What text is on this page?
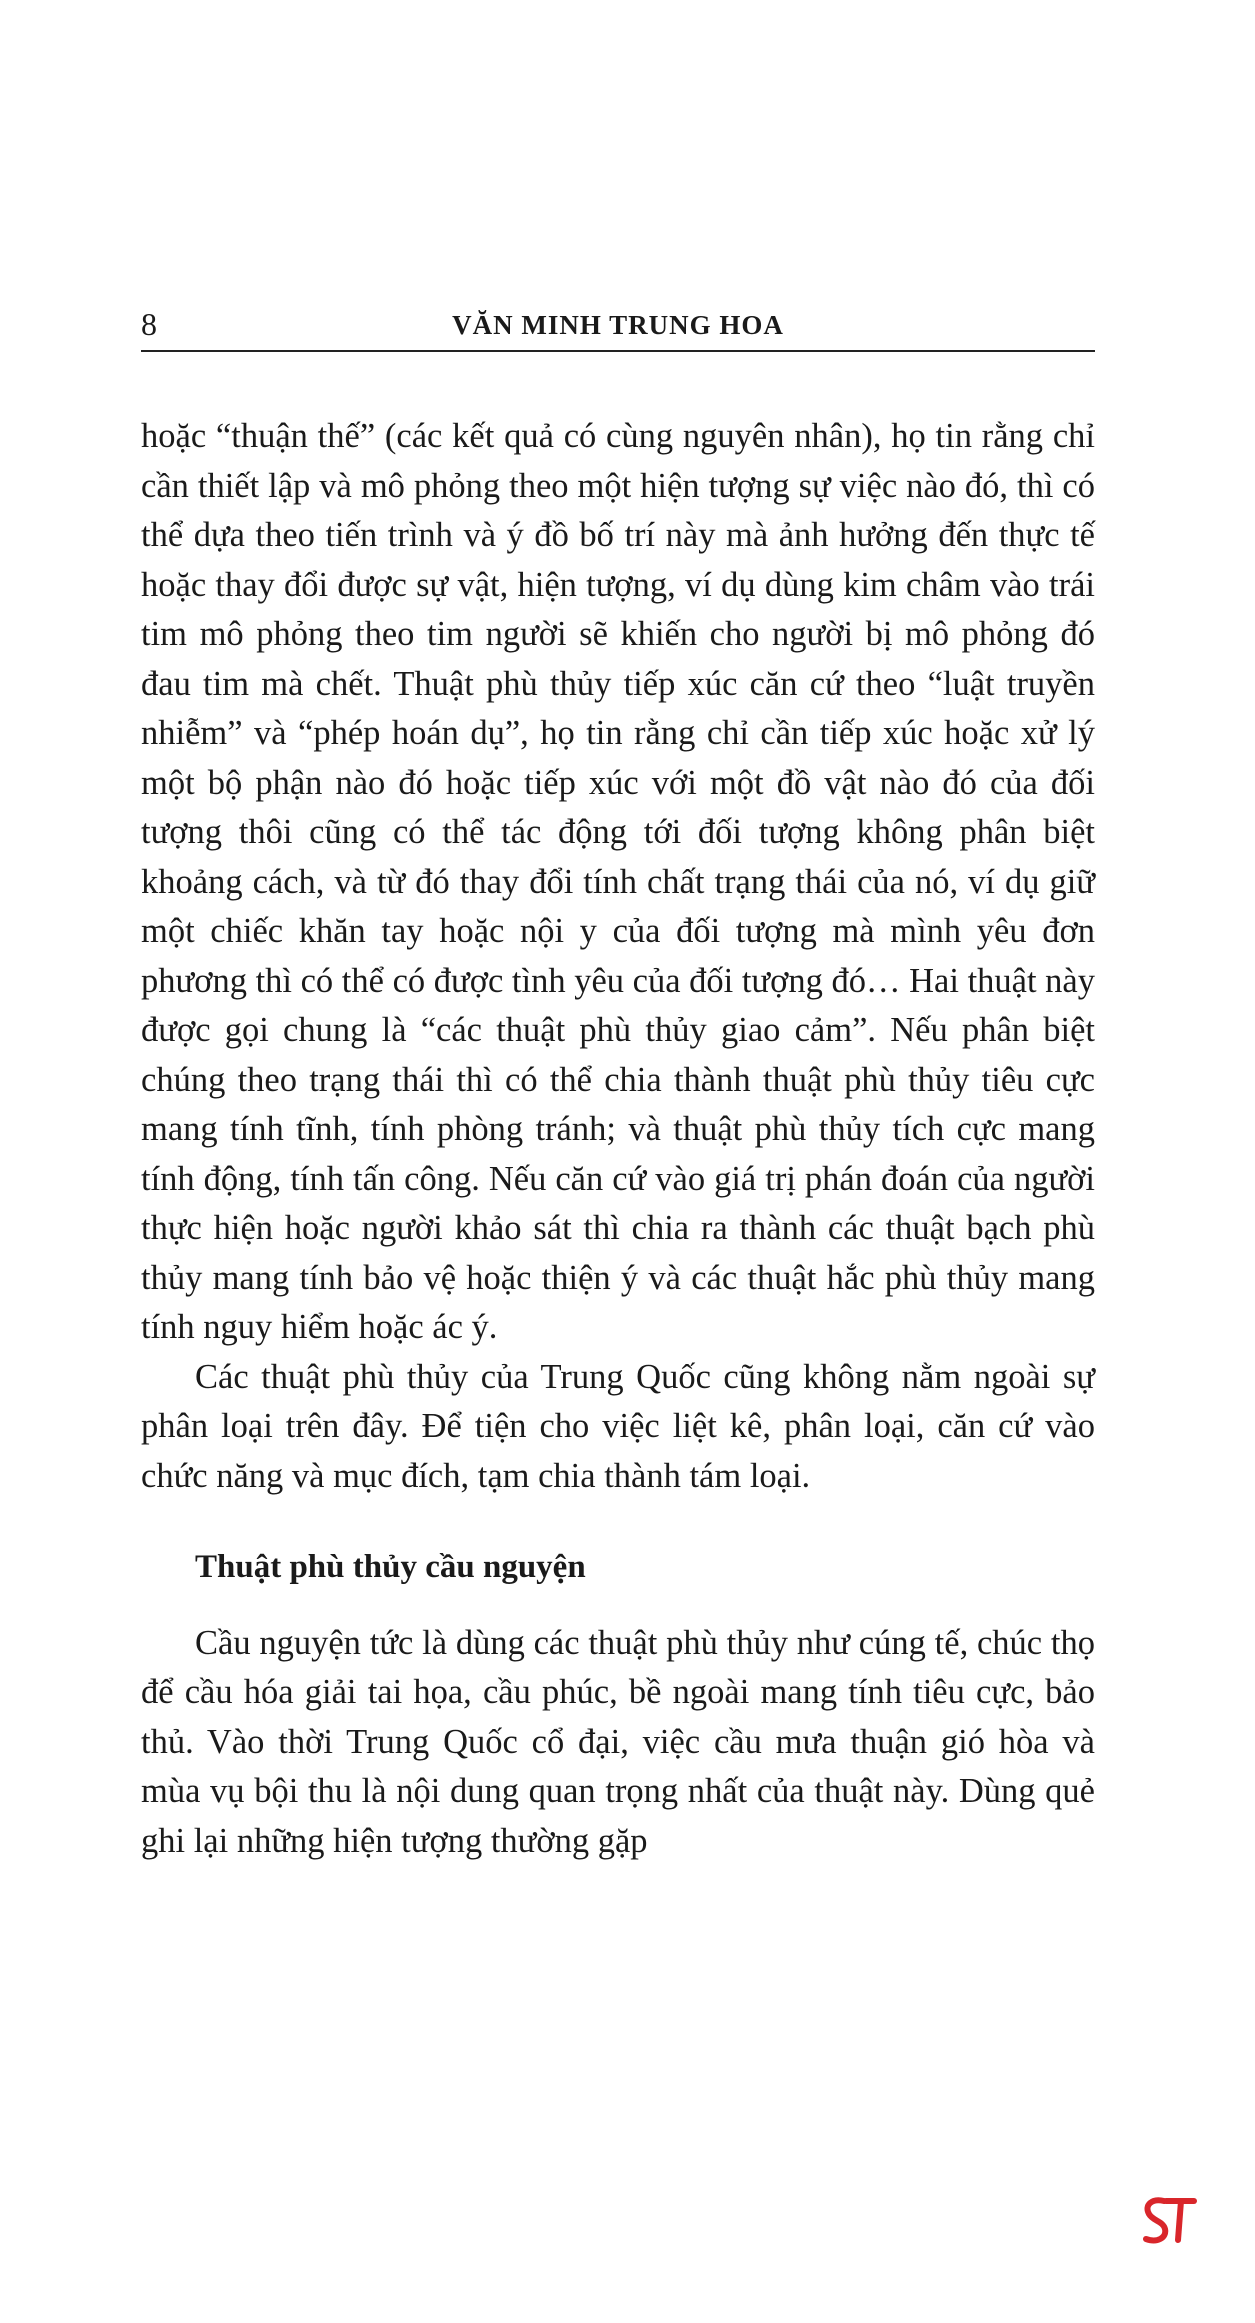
8	VĂN MINH TRUNG HOA

hoặc “thuận thế” (các kết quả có cùng nguyên nhân), họ tin rằng chỉ cần thiết lập và mô phỏng theo một hiện tượng sự việc nào đó, thì có thể dựa theo tiến trình và ý đồ bố trí này mà ảnh hưởng đến thực tế hoặc thay đổi được sự vật, hiện tượng, ví dụ dùng kim châm vào trái tim mô phỏng theo tim người sẽ khiến cho người bị mô phỏng đó đau tim mà chết. Thuật phù thủy tiếp xúc căn cứ theo “luật truyền nhiễm” và “phép hoán dụ”, họ tin rằng chỉ cần tiếp xúc hoặc xử lý một bộ phận nào đó hoặc tiếp xúc với một đồ vật nào đó của đối tượng thôi cũng có thể tác động tới đối tượng không phân biệt khoảng cách, và từ đó thay đổi tính chất trạng thái của nó, ví dụ giữ một chiếc khăn tay hoặc nội y của đối tượng mà mình yêu đơn phương thì có thể có được tình yêu của đối tượng đó… Hai thuật này được gọi chung là “các thuật phù thủy giao cảm”. Nếu phân biệt chúng theo trạng thái thì có thể chia thành thuật phù thủy tiêu cực mang tính tĩnh, tính phòng tránh; và thuật phù thủy tích cực mang tính động, tính tấn công. Nếu căn cứ vào giá trị phán đoán của người thực hiện hoặc người khảo sát thì chia ra thành các thuật bạch phù thủy mang tính bảo vệ hoặc thiện ý và các thuật hắc phù thủy mang tính nguy hiểm hoặc ác ý.

Các thuật phù thủy của Trung Quốc cũng không nằm ngoài sự phân loại trên đây. Để tiện cho việc liệt kê, phân loại, căn cứ vào chức năng và mục đích, tạm chia thành tám loại.

Thuật phù thủy cầu nguyện

Cầu nguyện tức là dùng các thuật phù thủy như cúng tế, chúc thọ để cầu hóa giải tai họa, cầu phúc, bề ngoài mang tính tiêu cực, bảo thủ. Vào thời Trung Quốc cổ đại, việc cầu mưa thuận gió hòa và mùa vụ bội thu là nội dung quan trọng nhất của thuật này. Dùng quẻ ghi lại những hiện tượng thường gặp
